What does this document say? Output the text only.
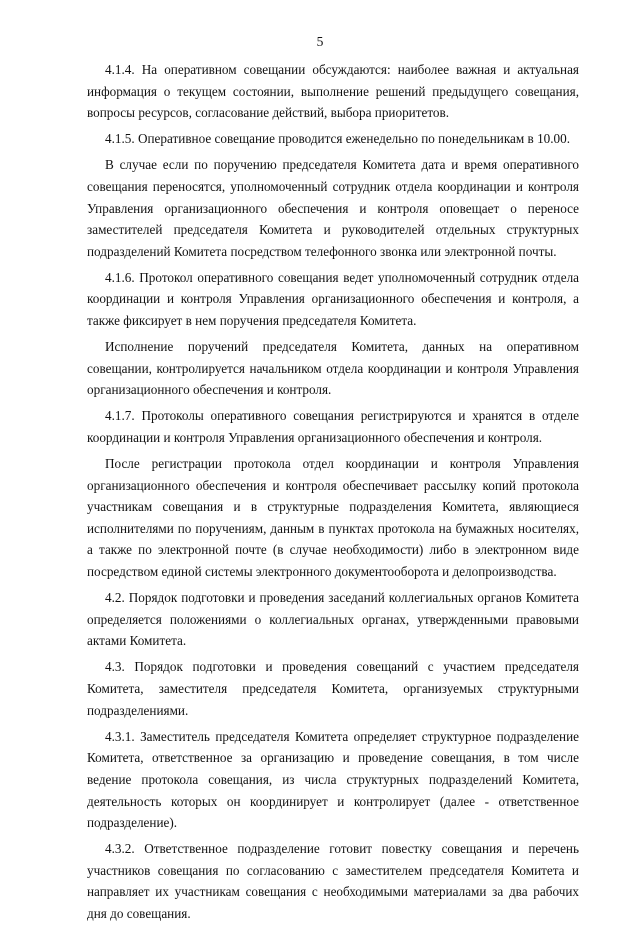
5

4.1.4. На оперативном совещании обсуждаются: наиболее важная и актуальная информация о текущем состоянии, выполнение решений предыдущего совещания, вопросы ресурсов, согласование действий, выбора приоритетов.

4.1.5. Оперативное совещание проводится еженедельно по понедельникам в 10.00.

В случае если по поручению председателя Комитета дата и время оперативного совещания переносятся, уполномоченный сотрудник отдела координации и контроля Управления организационного обеспечения и контроля оповещает о переносе заместителей председателя Комитета и руководителей отдельных структурных подразделений Комитета посредством телефонного звонка или электронной почты.

4.1.6. Протокол оперативного совещания ведет уполномоченный сотрудник отдела координации и контроля Управления организационного обеспечения и контроля, а также фиксирует в нем поручения председателя Комитета.

Исполнение поручений председателя Комитета, данных на оперативном совещании, контролируется начальником отдела координации и контроля Управления организационного обеспечения и контроля.

4.1.7. Протоколы оперативного совещания регистрируются и хранятся в отделе координации и контроля Управления организационного обеспечения и контроля.

После регистрации протокола отдел координации и контроля Управления организационного обеспечения и контроля обеспечивает рассылку копий протокола участникам совещания и в структурные подразделения Комитета, являющиеся исполнителями по поручениям, данным в пунктах протокола на бумажных носителях, а также по электронной почте (в случае необходимости) либо в электронном виде посредством единой системы электронного документооборота и делопроизводства.

4.2. Порядок подготовки и проведения заседаний коллегиальных органов Комитета определяется положениями о коллегиальных органах, утвержденными правовыми актами Комитета.

4.3. Порядок подготовки и проведения совещаний с участием председателя Комитета, заместителя председателя Комитета, организуемых структурными подразделениями.

4.3.1. Заместитель председателя Комитета определяет структурное подразделение Комитета, ответственное за организацию и проведение совещания, в том числе ведение протокола совещания, из числа структурных подразделений Комитета, деятельность которых он координирует и контролирует (далее - ответственное подразделение).

4.3.2. Ответственное подразделение готовит повестку совещания и перечень участников совещания по согласованию с заместителем председателя Комитета и направляет их участникам совещания с необходимыми материалами за два рабочих дня до совещания.
